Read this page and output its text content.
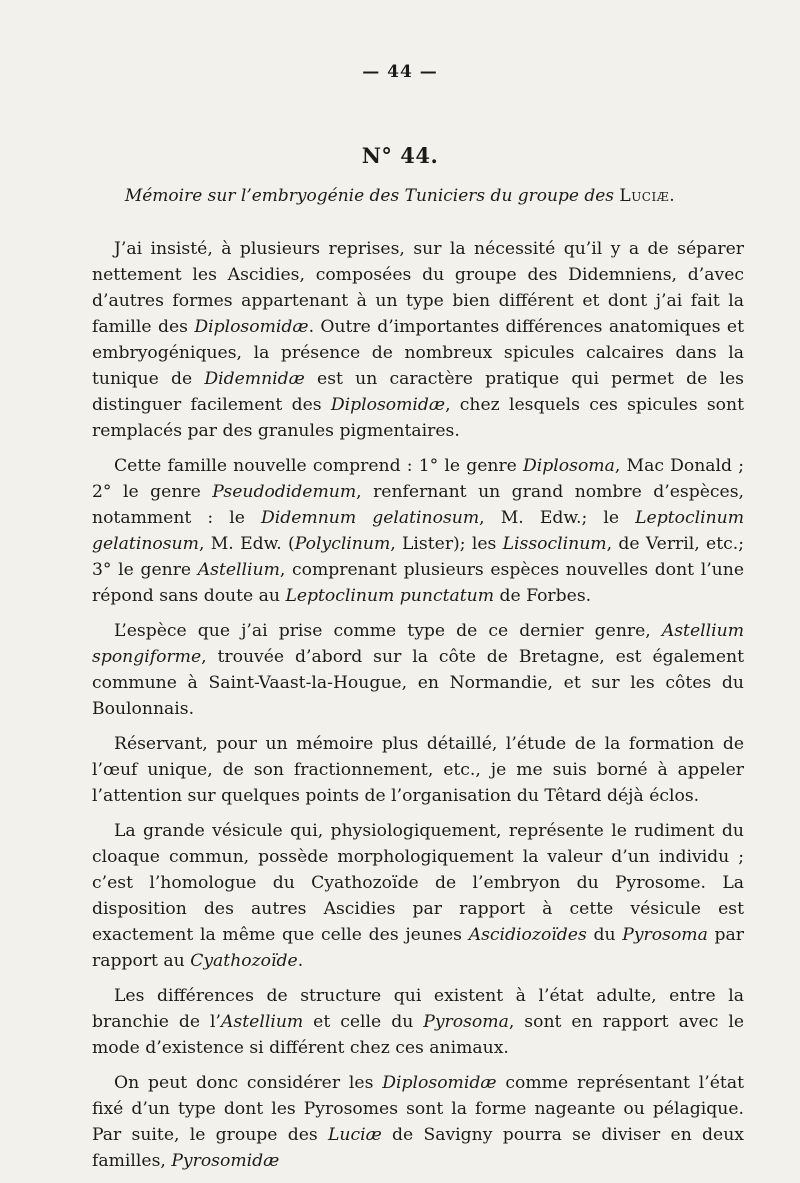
— 44 —
N° 44.
Mémoire sur l’embryogénie des Tuniciers du groupe des Luciæ.

J’ai insisté, à plusieurs reprises, sur la nécessité qu’il y a de séparer nettement les Ascidies, composées du groupe des Didemniens, d’avec d’autres formes appartenant à un type bien différent et dont j’ai fait la famille des Diplosomidæ. Outre d’importantes différences anatomiques et embryogéniques, la présence de nombreux spicules calcaires dans la tunique de Didemnidæ est un caractère pratique qui permet de les distinguer facilement des Diplosomidæ, chez lesquels ces spicules sont remplacés par des granules pigmentaires.

Cette famille nouvelle comprend : 1° le genre Diplosoma, Mac Donald ; 2° le genre Pseudodidemum, renfernant un grand nombre d’espèces, notamment : le Didemnum gelatinosum, M. Edw.; le Leptoclinum gelatinosum, M. Edw. (Polyclinum, Lister); les Lissoclinum, de Verril, etc.; 3° le genre Astellium, comprenant plusieurs espèces nouvelles dont l’une répond sans doute au Leptoclinum punctatum de Forbes.

L’espèce que j’ai prise comme type de ce dernier genre, Astellium spongiforme, trouvée d’abord sur la côte de Bretagne, est également commune à Saint-Vaast-la-Hougue, en Normandie, et sur les côtes du Boulonnais.

Réservant, pour un mémoire plus détaillé, l’étude de la formation de l’œuf unique, de son fractionnement, etc., je me suis borné à appeler l’attention sur quelques points de l’organisation du Têtard déjà éclos.

La grande vésicule qui, physiologiquement, représente le rudiment du cloaque commun, possède morphologiquement la valeur d’un individu ; c’est l’homologue du Cyathozoïde de l’embryon du Pyrosome. La disposition des autres Ascidies par rapport à cette vésicule est exactement la même que celle des jeunes Ascidiozoïdes du Pyrosoma par rapport au Cyathozoïde.

Les différences de structure qui existent à l’état adulte, entre la branchie de l’Astellium et celle du Pyrosoma, sont en rapport avec le mode d’existence si différent chez ces animaux.

On peut donc considérer les Diplosomidæ comme représentant l’état fixé d’un type dont les Pyrosomes sont la forme nageante ou pélagique. Par suite, le groupe des Luciæ de Savigny pourra se diviser en deux familles, Pyrosomidæ
